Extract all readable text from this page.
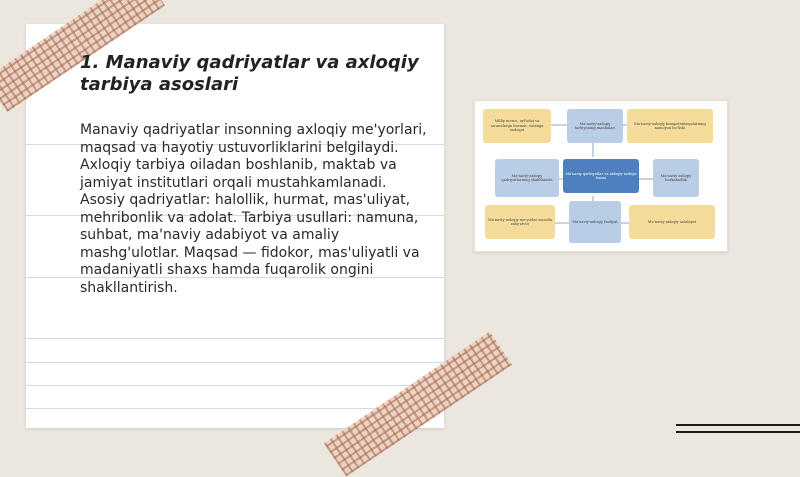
1. Manaviy qadriyatlar va axloqiy tarbiya asoslari

Manaviy qadriyatlar insonning axloqiy me'yorlari, maqsad va hayotiy ustuvorliklarini belgilaydi. Axloqiy tarbiya oiladan boshlanib, maktab va jamiyat institutlari orqali mustahkamlanadi. Asosiy qadriyatlar: halollik, hurmat, mas'uliyat, mehribonlik va adolat. Tarbiya usullari: namuna, suhbat, ma'naviy adabiyot va amaliy mashg'ulotlar. Maqsad — fidokor, mas'uliyatli va madaniyatli shaxs hamda fuqarolik ongini shakllantirish.

Milliy meros, urf-odat va an'analarga hurmat, vatanga sadoqat
Ma'naviy-axloqiy tarbiyaning manbalari
Ma'naviy-axloqiy kompetentsiyalarning namoyon bo'lishi
Ma'naviy-axloqiy qadriyatlarning shakllanishi
Ma'naviy qadriyatlar va axloqiy tarbiya tizimi
Ma'naviy-axloqiy barkamollik
Ma'naviy-axloqiy me'yorlar asosida xulq-atvor
Ma'naviy-axloqiy faoliyat	Ma'naviy-axloqiy salohiyat
